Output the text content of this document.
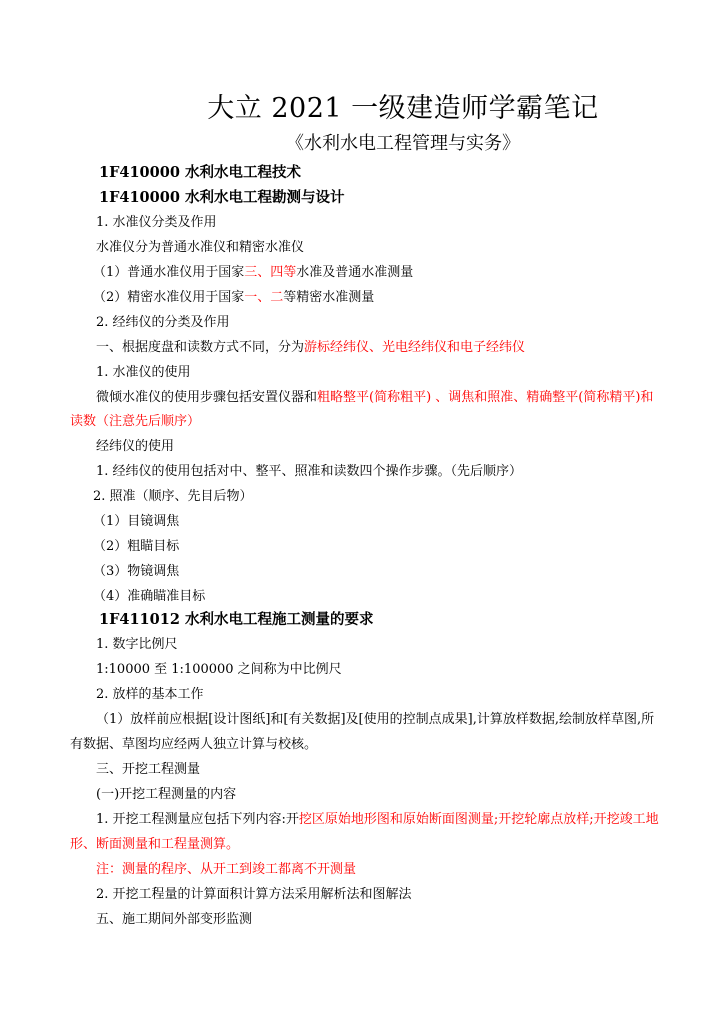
大立 2021 一级建造师学霸笔记
《水利水电工程管理与实务》
1F410000 水利水电工程技术
1F410000 水利水电工程勘测与设计
1. 水准仪分类及作用
水准仪分为普通水准仪和精密水准仪
（1）普通水准仪用于国家三、四等水准及普通水准测量
（2）精密水准仪用于国家一、二等精密水准测量
2. 经纬仪的分类及作用
一、根据度盘和读数方式不同，分为游标经纬仪、光电经纬仪和电子经纬仪
1. 水准仪的使用
微倾水准仪的使用步骤包括安置仪器和粗略整平(简称粗平) 、调焦和照准、精确整平(简称精平)和
读数（注意先后顺序）
经纬仪的使用
1. 经纬仪的使用包括对中、整平、照准和读数四个操作步骤。（先后顺序）
2. 照准（顺序、先目后物）
（1）目镜调焦
（2）粗瞄目标
（3）物镜调焦
（4）准确瞄准目标
1F411012 水利水电工程施工测量的要求
1. 数字比例尺
1:10000 至 1:100000 之间称为中比例尺
2. 放样的基本工作
（1）放样前应根据[设计图纸]和[有关数据]及[使用的控制点成果],计算放样数据,绘制放样草图,所
有数据、草图均应经两人独立计算与校核。
三、开挖工程测量
(一)开挖工程测量的内容
1. 开挖工程测量应包括下列内容:开挖区原始地形图和原始断面图测量;开挖轮廓点放样;开挖竣工地
形、断面测量和工程量测算。
注：测量的程序、从开工到竣工都离不开测量
2. 开挖工程量的计算面积计算方法采用解析法和图解法
五、施工期间外部变形监测
